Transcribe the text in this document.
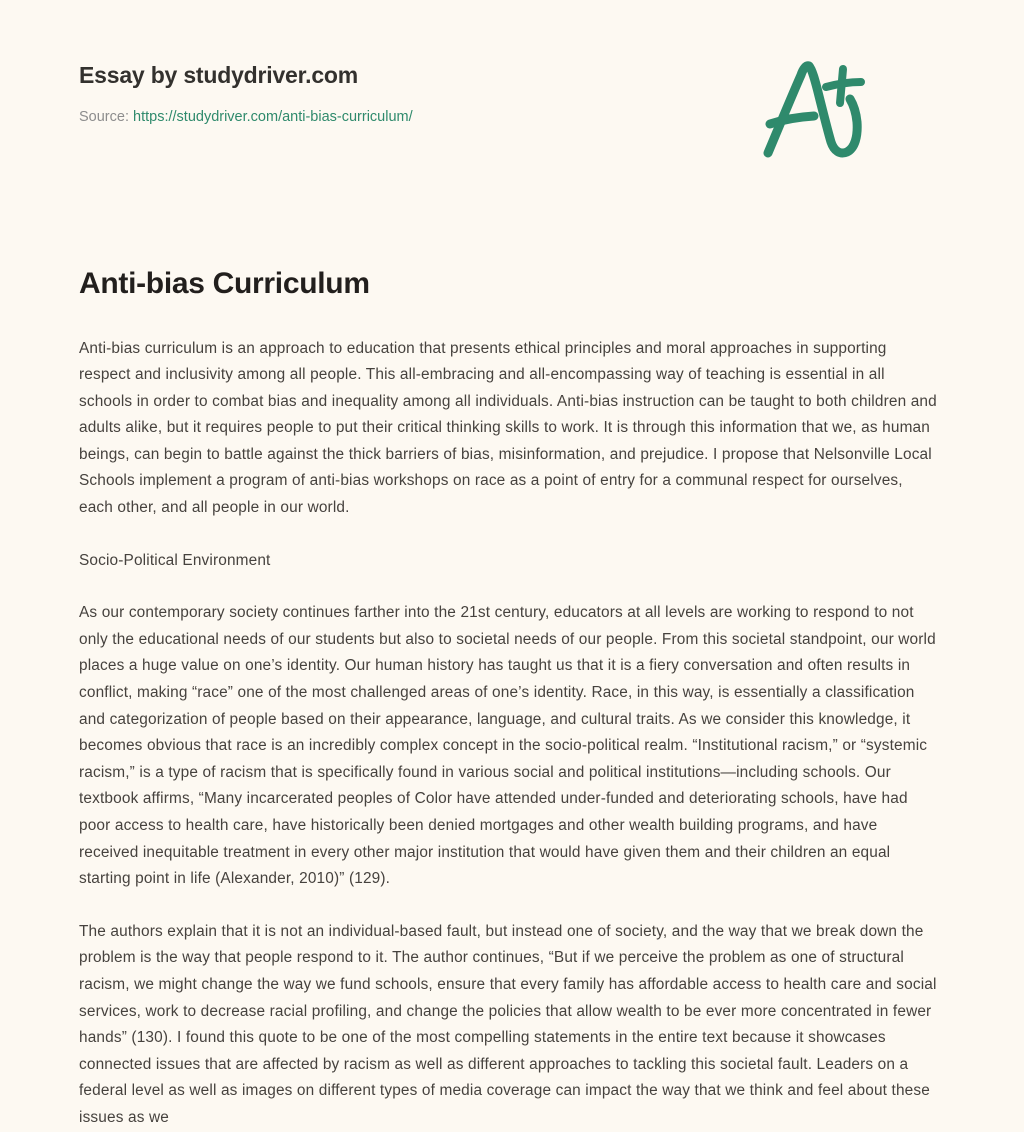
Essay by studydriver.com
Source: https://studydriver.com/anti-bias-curriculum/
Anti-bias Curriculum

Anti-bias curriculum is an approach to education that presents ethical principles and moral approaches in supporting respect and inclusivity among all people. This all-embracing and all-encompassing way of teaching is essential in all schools in order to combat bias and inequality among all individuals. Anti-bias instruction can be taught to both children and adults alike, but it requires people to put their critical thinking skills to work. It is through this information that we, as human beings, can begin to battle against the thick barriers of bias, misinformation, and prejudice. I propose that Nelsonville Local Schools implement a program of anti-bias workshops on race as a point of entry for a communal respect for ourselves, each other, and all people in our world.

Socio-Political Environment

As our contemporary society continues farther into the 21st century, educators at all levels are working to respond to not only the educational needs of our students but also to societal needs of our people. From this societal standpoint, our world places a huge value on one’s identity. Our human history has taught us that it is a fiery conversation and often results in conflict, making “race” one of the most challenged areas of one’s identity. Race, in this way, is essentially a classification and categorization of people based on their appearance, language, and cultural traits. As we consider this knowledge, it becomes obvious that race is an incredibly complex concept in the socio-political realm. “Institutional racism,” or “systemic racism,” is a type of racism that is specifically found in various social and political institutions—including schools. Our textbook affirms, “Many incarcerated peoples of Color have attended under-funded and deteriorating schools, have had poor access to health care, have historically been denied mortgages and other wealth building programs, and have received inequitable treatment in every other major institution that would have given them and their children an equal starting point in life (Alexander, 2010)” (129).

The authors explain that it is not an individual-based fault, but instead one of society, and the way that we break down the problem is the way that people respond to it. The author continues, “But if we perceive the problem as one of structural racism, we might change the way we fund schools, ensure that every family has affordable access to health care and social services, work to decrease racial profiling, and change the policies that allow wealth to be ever more concentrated in fewer hands” (130). I found this quote to be one of the most compelling statements in the entire text because it showcases connected issues that are affected by racism as well as different approaches to tackling this societal fault. Leaders on a federal level as well as images on different types of media coverage can impact the way that we think and feel about these issues as we
